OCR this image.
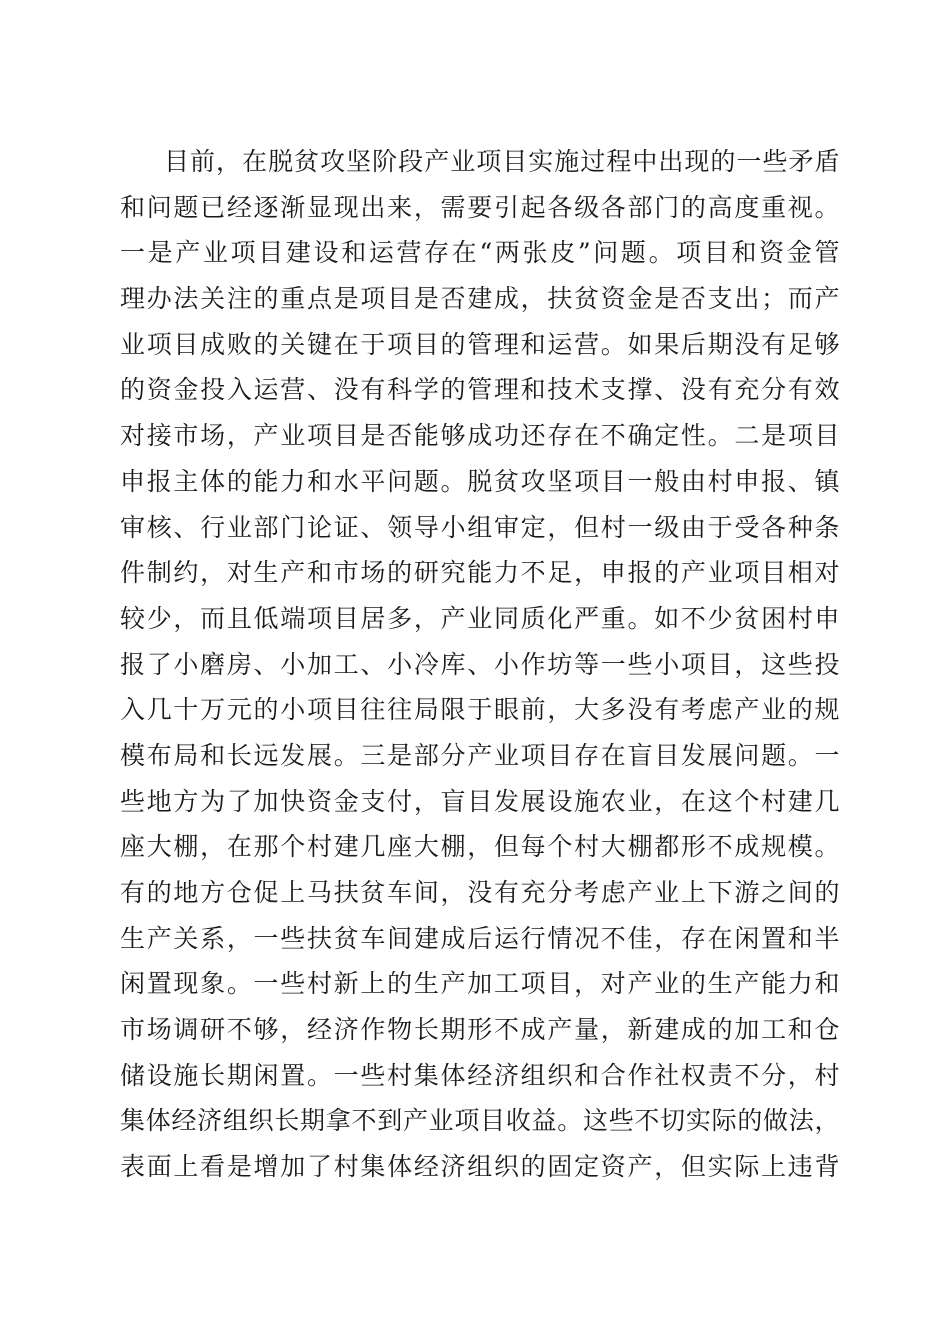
目前，在脱贫攻坚阶段产业项目实施过程中出现的一些矛盾
和问题已经逐渐显现出来，需要引起各级各部门的高度重视。
一是产业项目建设和运营存在“两张皮”问题。项目和资金管
理办法关注的重点是项目是否建成，扶贫资金是否支出；而产
业项目成败的关键在于项目的管理和运营。如果后期没有足够
的资金投入运营、没有科学的管理和技术支撑、没有充分有效
对接市场，产业项目是否能够成功还存在不确定性。二是项目
申报主体的能力和水平问题。脱贫攻坚项目一般由村申报、镇
审核、行业部门论证、领导小组审定，但村一级由于受各种条
件制约，对生产和市场的研究能力不足，申报的产业项目相对
较少，而且低端项目居多，产业同质化严重。如不少贫困村申
报了小磨房、小加工、小冷库、小作坊等一些小项目，这些投
入几十万元的小项目往往局限于眼前，大多没有考虑产业的规
模布局和长远发展。三是部分产业项目存在盲目发展问题。一
些地方为了加快资金支付，盲目发展设施农业，在这个村建几
座大棚，在那个村建几座大棚，但每个村大棚都形不成规模。
有的地方仓促上马扶贫车间，没有充分考虑产业上下游之间的
生产关系，一些扶贫车间建成后运行情况不佳，存在闲置和半
闲置现象。一些村新上的生产加工项目，对产业的生产能力和
市场调研不够，经济作物长期形不成产量，新建成的加工和仓
储设施长期闲置。一些村集体经济组织和合作社权责不分，村
集体经济组织长期拿不到产业项目收益。这些不切实际的做法，
表面上看是增加了村集体经济组织的固定资产，但实际上违背
